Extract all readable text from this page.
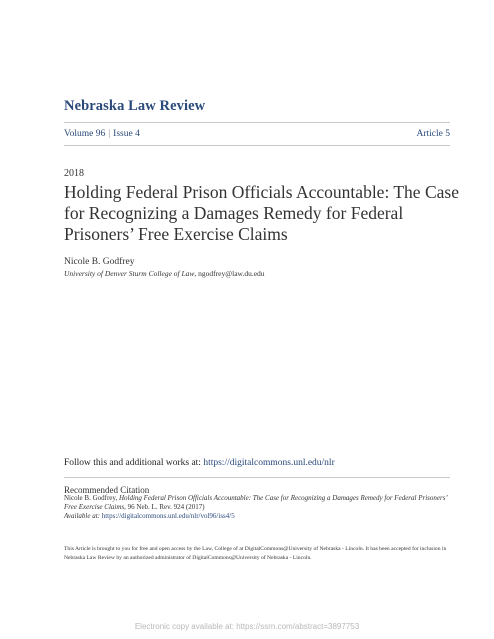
Nebraska Law Review
Volume 96 | Issue 4	Article 5
2018
Holding Federal Prison Officials Accountable: The Case for Recognizing a Damages Remedy for Federal Prisoners’ Free Exercise Claims
Nicole B. Godfrey
University of Denver Sturm College of Law, ngodfrey@law.du.edu
Follow this and additional works at: https://digitalcommons.unl.edu/nlr
Recommended Citation
Nicole B. Godfrey, Holding Federal Prison Officials Accountable: The Case for Recognizing a Damages Remedy for Federal Prisoners’ Free Exercise Claims, 96 Neb. L. Rev. 924 (2017)
Available at: https://digitalcommons.unl.edu/nlr/vol96/iss4/5
This Article is brought to you for free and open access by the Law, College of at DigitalCommons@University of Nebraska - Lincoln. It has been accepted for inclusion in Nebraska Law Review by an authorized administrator of DigitalCommons@University of Nebraska - Lincoln.
Electronic copy available at: https://ssrn.com/abstract=3897753
